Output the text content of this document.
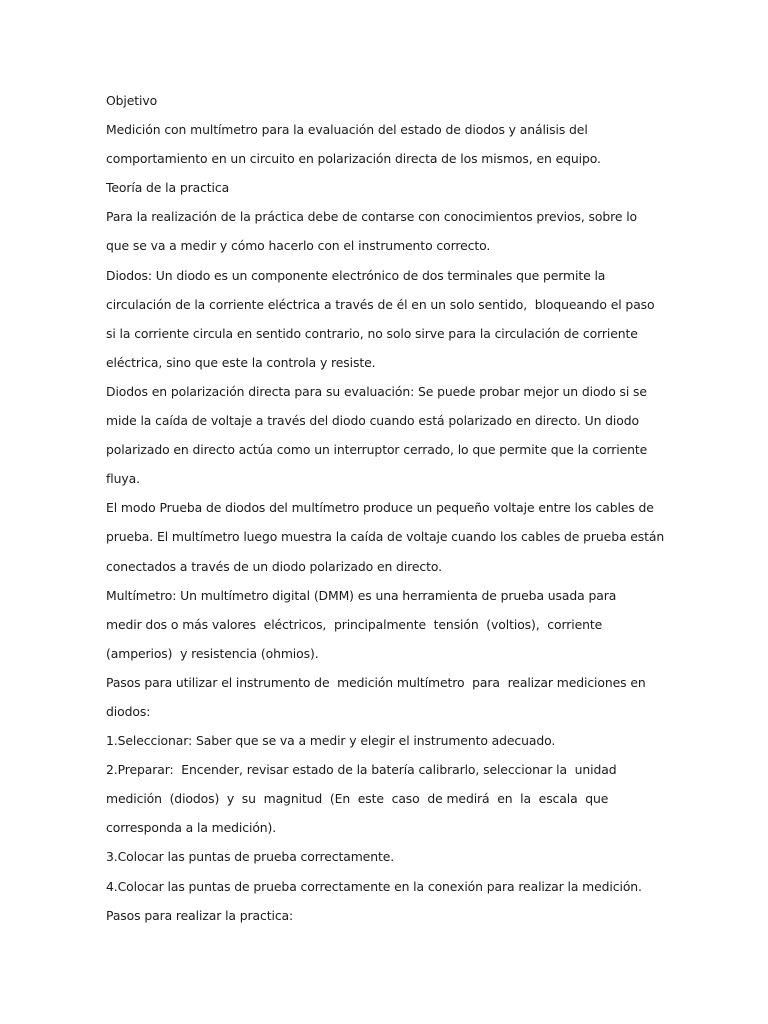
Objetivo
Medición con multímetro para la evaluación del estado de diodos y análisis del
comportamiento en un circuito en polarización directa de los mismos, en equipo.
Teoría de la practica
Para la realización de la práctica debe de contarse con conocimientos previos, sobre lo
que se va a medir y cómo hacerlo con el instrumento correcto.
Diodos: Un diodo es un componente electrónico de dos terminales que permite la
circulación de la corriente eléctrica a través de él en un solo sentido,  bloqueando el paso
si la corriente circula en sentido contrario, no solo sirve para la circulación de corriente
eléctrica, sino que este la controla y resiste.
Diodos en polarización directa para su evaluación: Se puede probar mejor un diodo si se
mide la caída de voltaje a través del diodo cuando está polarizado en directo. Un diodo
polarizado en directo actúa como un interruptor cerrado, lo que permite que la corriente
fluya.
El modo Prueba de diodos del multímetro produce un pequeño voltaje entre los cables de
prueba. El multímetro luego muestra la caída de voltaje cuando los cables de prueba están
conectados a través de un diodo polarizado en directo.
Multímetro: Un multímetro digital (DMM) es una herramienta de prueba usada para
medir dos o más valores  eléctricos,  principalmente  tensión  (voltios),  corriente
(amperios)  y resistencia (ohmios).
Pasos para utilizar el instrumento de  medición multímetro  para  realizar mediciones en
diodos:
1.Seleccionar: Saber que se va a medir y elegir el instrumento adecuado.
2.Preparar:  Encender, revisar estado de la batería calibrarlo, seleccionar la  unidad
medición  (diodos)  y  su  magnitud  (En  este  caso  de medirá  en  la  escala  que
corresponda a la medición).
3.Colocar las puntas de prueba correctamente.
4.Colocar las puntas de prueba correctamente en la conexión para realizar la medición.
Pasos para realizar la practica:
